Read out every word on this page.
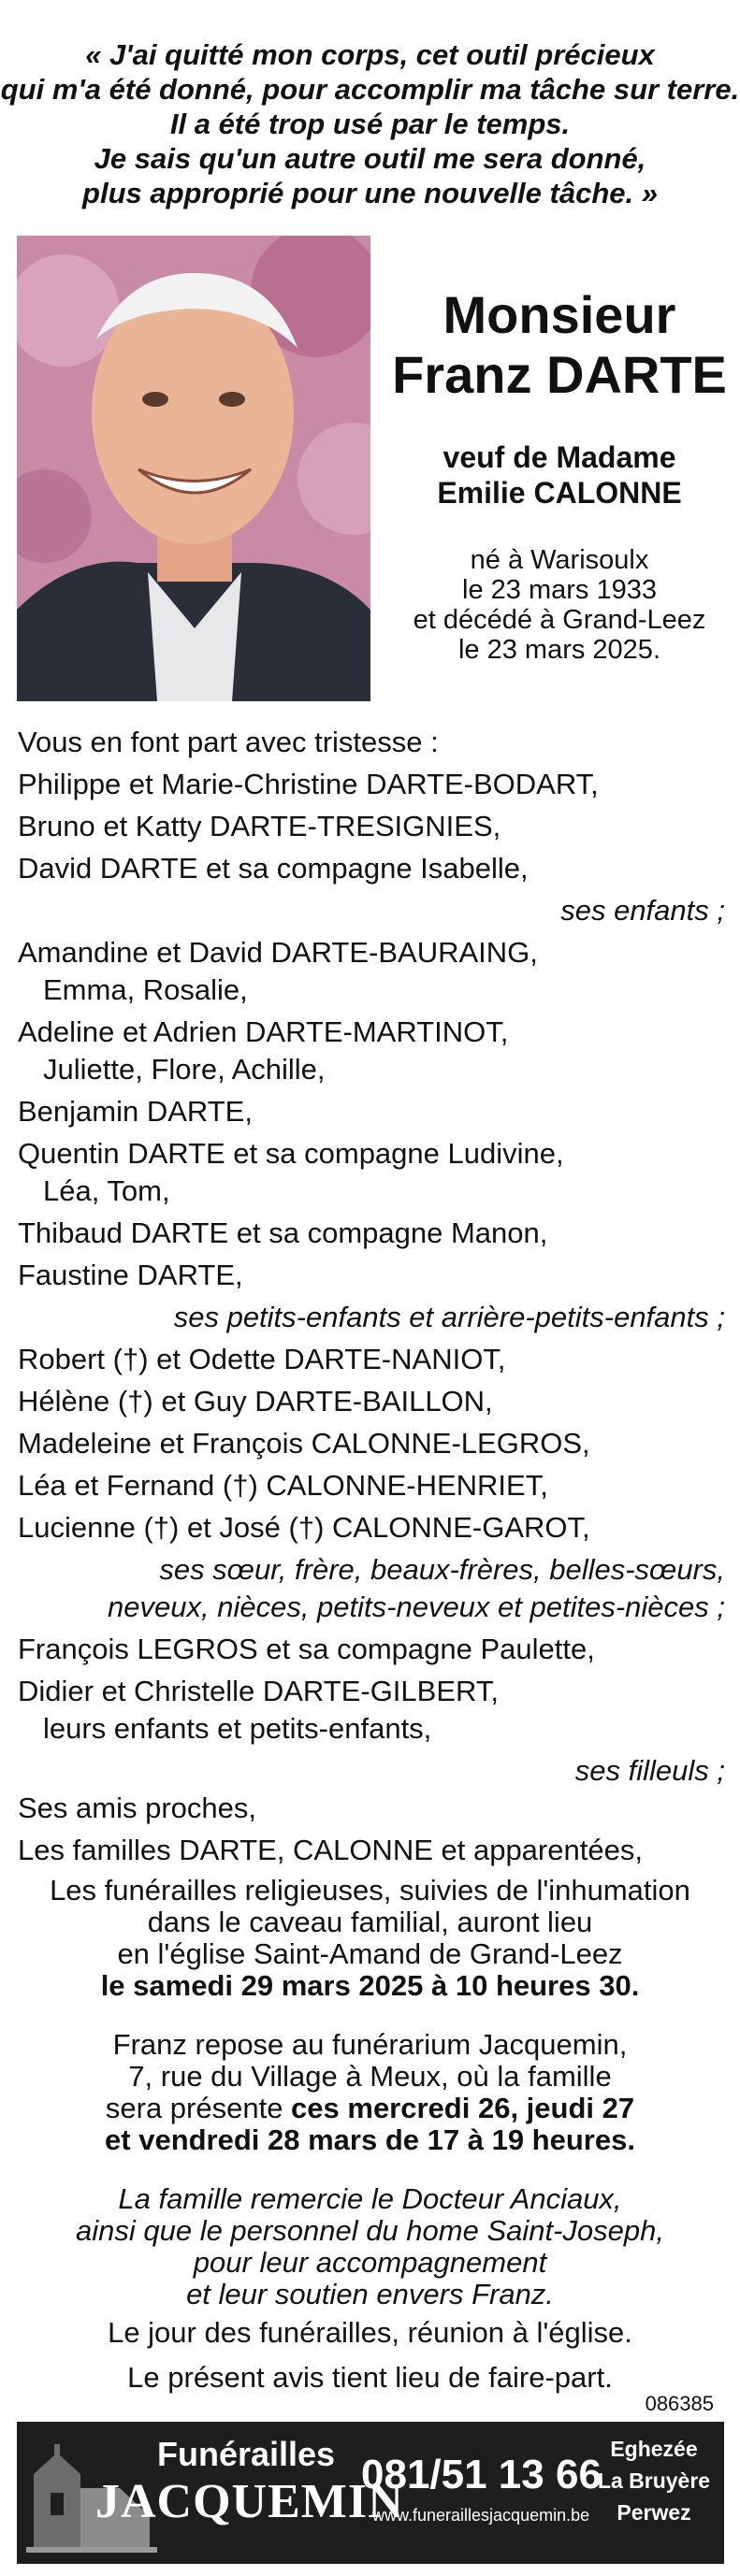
« J'ai quitté mon corps, cet outil précieux
qui m'a été donné, pour accomplir ma tâche sur terre.
Il a été trop usé par le temps.
Je sais qu'un autre outil me sera donné,
plus approprié pour une nouvelle tâche. »
Monsieur
Franz DARTE
veuf de Madame
Emilie CALONNE
né à Warisoulx
le 23 mars 1933
et décédé à Grand-Leez
le 23 mars 2025.
Vous en font part avec tristesse :
Philippe et Marie-Christine DARTE-BODART,
Bruno et Katty DARTE-TRESIGNIES,
David DARTE et sa compagne Isabelle,
ses enfants ;
Amandine et David DARTE-BAURAING,
Emma, Rosalie,
Adeline et Adrien DARTE-MARTINOT,
Juliette, Flore, Achille,
Benjamin DARTE,
Quentin DARTE et sa compagne Ludivine,
Léa, Tom,
Thibaud DARTE et sa compagne Manon,
Faustine DARTE,
ses petits-enfants et arrière-petits-enfants ;
Robert (†) et Odette DARTE-NANIOT,
Hélène (†) et Guy DARTE-BAILLON,
Madeleine et François CALONNE-LEGROS,
Léa et Fernand (†) CALONNE-HENRIET,
Lucienne (†) et José (†) CALONNE-GAROT,
ses sœur, frère, beaux-frères, belles-sœurs,
neveux, nièces, petits-neveux et petites-nièces ;
François LEGROS et sa compagne Paulette,
Didier et Christelle DARTE-GILBERT,
leurs enfants et petits-enfants,
ses filleuls ;
Ses amis proches,
Les familles DARTE, CALONNE et apparentées,
Les funérailles religieuses, suivies de l'inhumation
dans le caveau familial, auront lieu
en l'église Saint-Amand de Grand-Leez
le samedi 29 mars 2025 à 10 heures 30.
Franz repose au funérarium Jacquemin,
7, rue du Village à Meux, où la famille
sera présente ces mercredi 26, jeudi 27
et vendredi 28 mars de 17 à 19 heures.
La famille remercie le Docteur Anciaux,
ainsi que le personnel du home Saint-Joseph,
pour leur accompagnement
et leur soutien envers Franz.
Le jour des funérailles, réunion à l'église.
Le présent avis tient lieu de faire-part.
086385
Funérailles
JACQUEMIN
081/51 13 66
www.funeraillesjacquemin.be
Eghezée
La Bruyère
Perwez
